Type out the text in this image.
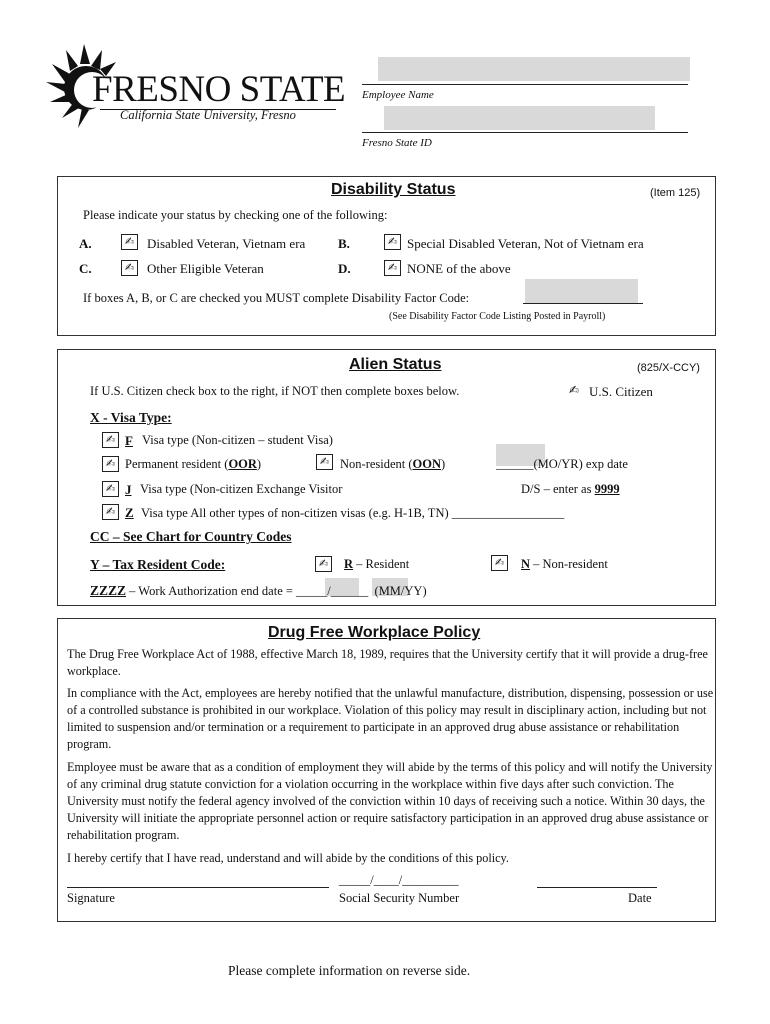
FRESNO STATE
California State University, Fresno
Employee Name
Fresno State ID
Disability Status	(Item 125)
Please indicate your status by checking one of the following:
A.	✍ Disabled Veteran, Vietnam era	B.	✍ Special Disabled Veteran, Not of Vietnam era
C.	✍ Other Eligible Veteran	D.	✍ NONE of the above
If boxes A, B, or C are checked you MUST complete Disability Factor Code:
(See Disability Factor Code Listing Posted in Payroll)
Alien Status	(825/X-CCY)
If U.S. Citizen check box to the right, if NOT then complete boxes below.	✍ U.S. Citizen
X - Visa Type:
✍ F Visa type (Non-citizen – student Visa)
✍ Permanent resident (OOR)	✍ Non-resident (OON)	______(MO/YR) exp date
✍ J Visa type (Non-citizen Exchange Visitor	D/S – enter as 9999
✍ Z Visa type All other types of non-citizen visas (e.g. H-1B, TN) __________________
CC – See Chart for Country Codes
Y – Tax Resident Code:	✍	R – Resident	✍	N – Non-resident
ZZZZ – Work Authorization end date = _____/______ (MM/YY)
Drug Free Workplace Policy

The Drug Free Workplace Act of 1988, effective March 18, 1989, requires that the University certify that it will provide a drug-free workplace.

In compliance with the Act, employees are hereby notified that the unlawful manufacture, distribution, dispensing, possession or use of a controlled substance is prohibited in our workplace. Violation of this policy may result in disciplinary action, including but not limited to suspension and/or termination or a requirement to participate in an approved drug abuse assistance or rehabilitation program.

Employee must be aware that as a condition of employment they will abide by the terms of this policy and will notify the University of any criminal drug statute conviction for a violation occurring in the workplace within five days after such conviction. The University must notify the federal agency involved of the conviction within 10 days of receiving such a notice. Within 30 days, the University will initiate the appropriate personnel action or require satisfactory participation in an approved drug abuse assistance or rehabilitation program.

I hereby certify that I have read, understand and will abide by the conditions of this policy.

_____/____/_________
Signature	Social Security Number	Date
Please complete information on reverse side.
